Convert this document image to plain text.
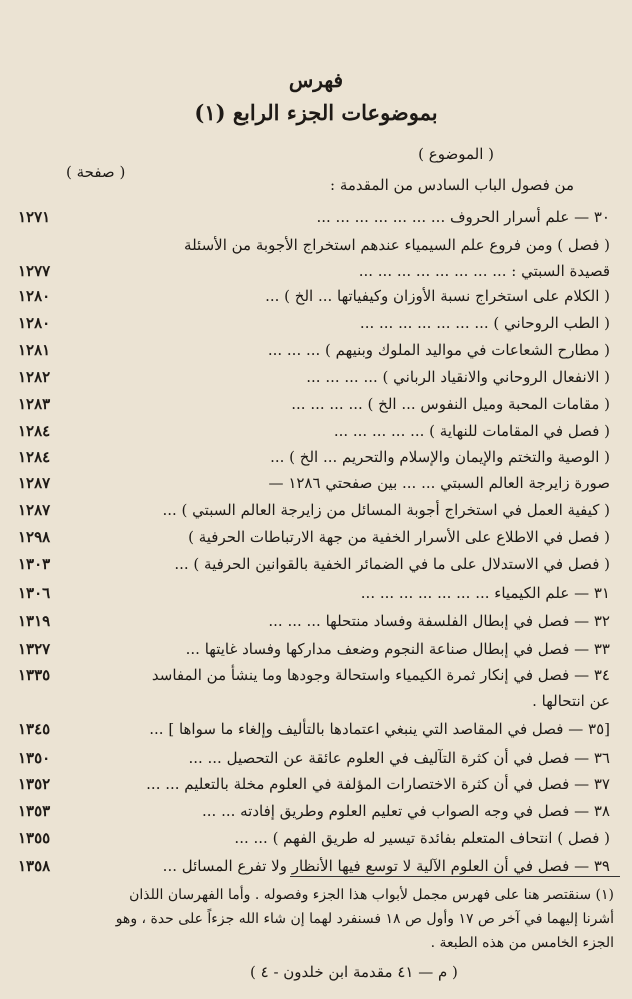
فهرس
بموضوعات الجزء الرابع (١)
( الموضوع )
( صفحة )
من فصول الباب السادس من المقدمة :
٣٠ — علم أسرار الحروف ... ... ... ... ... ... ...
١٢٧١
( فصل ) ومن فروع علم السيمياء عندهم استخراج الأجوبة من الأسئلة
قصيدة السبتي : ... ... ... ... ... ... ... ...
١٢٧٧
( الكلام على استخراج نسبة الأوزان وكيفياتها ... الخ ) ...
١٢٨٠
( الطب الروحاني ) ... ... ... ... ... ... ...
١٢٨٠
( مطارح الشعاعات في مواليد الملوك وبنيهم ) ... ... ...
١٢٨١
( الانفعال الروحاني والانقياد الرباني ) ... ... ... ...
١٢٨٢
( مقامات المحبة وميل النفوس ... الخ ) ... ... ... ...
١٢٨٣
( فصل في المقامات للنهاية ) ... ... ... ... ...
١٢٨٤
( الوصية والتختم والإيمان والإسلام والتحريم ... الخ ) ...
١٢٨٤
صورة زايرجة العالم السبتي ... ... بين صفحتي ١٢٨٦ —
١٢٨٧
( كيفية العمل في استخراج أجوبة المسائل من زايرجة العالم السبتي ) ...
١٢٨٧
( فصل في الاطلاع على الأسرار الخفية من جهة الارتباطات الحرفية )
١٢٩٨
( فصل في الاستدلال على ما في الضمائر الخفية بالقوانين الحرفية ) ...
١٣٠٣
٣١ — علم الكيمياء ... ... ... ... ... ... ...
١٣٠٦
٣٢ — فصل في إبطال الفلسفة وفساد منتحلها ... ... ...
١٣١٩
٣٣ — فصل في إبطال صناعة النجوم وضعف مداركها وفساد غايتها ...
١٣٢٧
٣٤ — فصل في إنكار ثمرة الكيمياء واستحالة وجودها وما ينشأ من المفاسد
١٣٣٥
عن انتحالها .
[٣٥ — فصل في المقاصد التي ينبغي اعتمادها بالتأليف وإلغاء ما سواها ] ...
١٣٤٥
٣٦ — فصل في أن كثرة التآليف في العلوم عائقة عن التحصيل ... ...
١٣٥٠
٣٧ — فصل في أن كثرة الاختصارات المؤلفة في العلوم مخلة بالتعليم ... ...
١٣٥٢
٣٨ — فصل في وجه الصواب في تعليم العلوم وطريق إفادته ... ...
١٣٥٣
( فصل ) انتحاف المتعلم بفائدة تيسير له طريق الفهم ) ... ...
١٣٥٥
٣٩ — فصل في أن العلوم الآلية لا توسع فيها الأنظار ولا تفرع المسائل ...
١٣٥٨
(١) سنقتصر هنا على فهرس مجمل لأبواب هذا الجزء وفصوله . وأما الفهرسان اللذان
أشرنا إليهما في آخر ص ١٧ وأول ص ١٨ فسنفرد لهما إن شاء الله جزءاً على حدة ، وهو
الجزء الخامس من هذه الطبعة .
( م — ٤١ مقدمة ابن خلدون - ٤ )
